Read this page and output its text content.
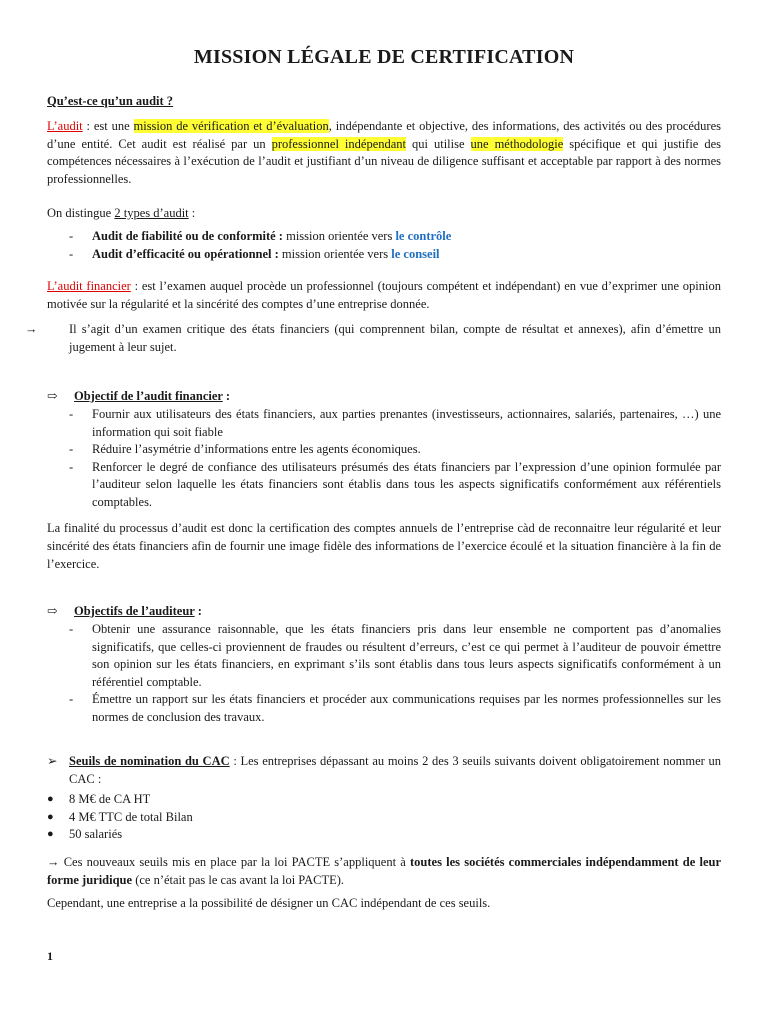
MISSION LÉGALE DE CERTIFICATION
Qu’est-ce qu’un audit ?
L’audit : est une mission de vérification et d’évaluation, indépendante et objective, des informations, des activités ou des procédures d’une entité. Cet audit est réalisé par un professionnel indépendant qui utilise une méthodologie spécifique et qui justifie des compétences nécessaires à l’exécution de l’audit et justifiant d’un niveau de diligence suffisant et acceptable par rapport à des normes professionnelles.
On distingue 2 types d’audit :
- Audit de fiabilité ou de conformité : mission orientée vers le contrôle
- Audit d’efficacité ou opérationnel : mission orientée vers le conseil
L’audit financier : est l’examen auquel procède un professionnel (toujours compétent et indépendant) en vue d’exprimer une opinion motivée sur la régularité et la sincérité des comptes d’une entreprise donnée.
→	Il s’agit d’un examen critique des états financiers (qui comprennent bilan, compte de résultat et annexes), afin d’émettre un jugement à leur sujet.
⇨ Objectif de l’audit financier :
- Fournir aux utilisateurs des états financiers, aux parties prenantes (investisseurs, actionnaires, salariés, partenaires, …) une information qui soit fiable
- Réduire l’asymétrie d’informations entre les agents économiques.
- Renforcer le degré de confiance des utilisateurs présumés des états financiers par l’expression d’une opinion formulée par l’auditeur selon laquelle les états financiers sont établis dans tous les aspects significatifs conformément aux référentiels comptables.
La finalité du processus d’audit est donc la certification des comptes annuels de l’entreprise càd de reconnaitre leur régularité et leur sincérité des états financiers afin de fournir une image fidèle des informations de l’exercice écoulé et la situation financière à la fin de l’exercice.
⇨ Objectifs de l’auditeur :
- Obtenir une assurance raisonnable, que les états financiers pris dans leur ensemble ne comportent pas d’anomalies significatifs, que celles-ci proviennent de fraudes ou résultent d’erreurs, c’est ce qui permet à l’auditeur de pouvoir émettre son opinion sur les états financiers, en exprimant s’ils sont établis dans tous leurs aspects significatifs conformément à un référentiel comptable.
- Émettre un rapport sur les états financiers et procéder aux communications requises par les normes professionnelles sur les normes de conclusion des travaux.
➢ Seuils de nomination du CAC : Les entreprises dépassant au moins 2 des 3 seuils suivants doivent obligatoirement nommer un CAC :
● 8 M€ de CA HT
● 4 M€ TTC de total Bilan
● 50 salariés
→ Ces nouveaux seuils mis en place par la loi PACTE s’appliquent à toutes les sociétés commerciales indépendamment de leur forme juridique (ce n’était pas le cas avant la loi PACTE).
Cependant, une entreprise a la possibilité de désigner un CAC indépendant de ces seuils.
1
